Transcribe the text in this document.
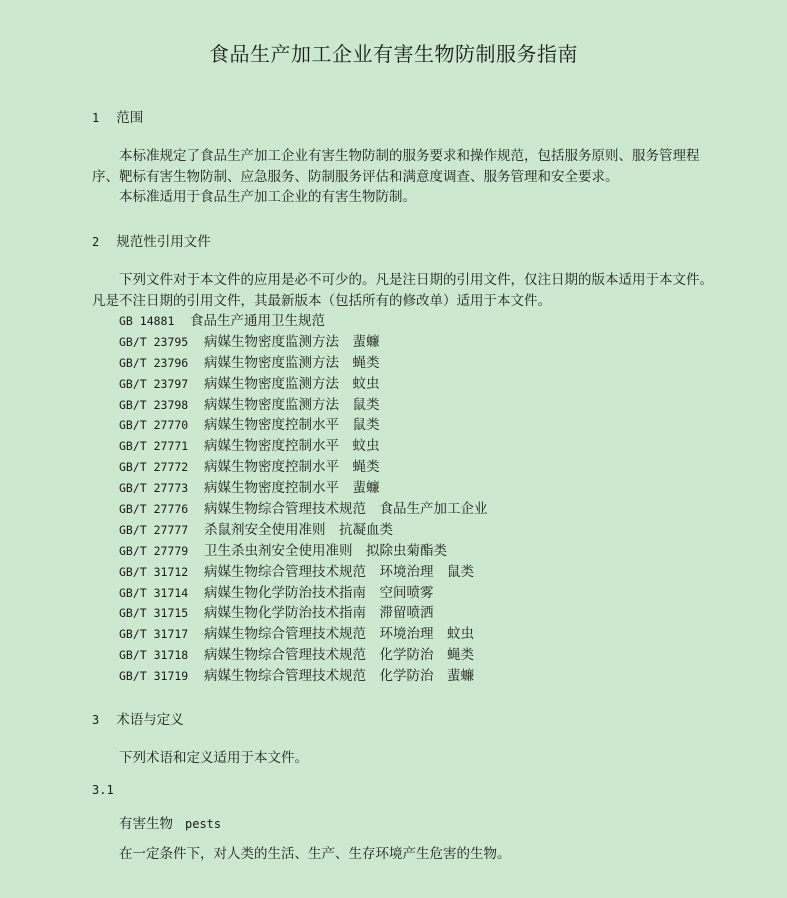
食品生产加工企业有害生物防制服务指南
1 范围

本标准规定了食品生产加工企业有害生物防制的服务要求和操作规范，包括服务原则、服务管理程序、靶标有害生物防制、应急服务、防制服务评估和满意度调查、服务管理和安全要求。

本标准适用于食品生产加工企业的有害生物防制。

2 规范性引用文件

下列文件对于本文件的应用是必不可少的。凡是注日期的引用文件，仅注日期的版本适用于本文件。凡是不注日期的引用文件，其最新版本（包括所有的修改单）适用于本文件。

GB 14881 食品生产通用卫生规范
GB/T 23795 病媒生物密度监测方法　蜚蠊
GB/T 23796 病媒生物密度监测方法　蝇类
GB/T 23797 病媒生物密度监测方法　蚊虫
GB/T 23798 病媒生物密度监测方法　鼠类
GB/T 27770 病媒生物密度控制水平　鼠类
GB/T 27771 病媒生物密度控制水平　蚊虫
GB/T 27772 病媒生物密度控制水平　蝇类
GB/T 27773 病媒生物密度控制水平　蜚蠊
GB/T 27776 病媒生物综合管理技术规范　食品生产加工企业
GB/T 27777 杀鼠剂安全使用准则　抗凝血类
GB/T 27779 卫生杀虫剂安全使用准则　拟除虫菊酯类
GB/T 31712 病媒生物综合管理技术规范　环境治理　鼠类
GB/T 31714 病媒生物化学防治技术指南　空间喷雾
GB/T 31715 病媒生物化学防治技术指南　滞留喷洒
GB/T 31717 病媒生物综合管理技术规范　环境治理　蚊虫
GB/T 31718 病媒生物综合管理技术规范　化学防治　蝇类
GB/T 31719 病媒生物综合管理技术规范　化学防治　蜚蠊
3 术语与定义

下列术语和定义适用于本文件。

3.1
有害生物 pests

在一定条件下，对人类的生活、生产、生存环境产生危害的生物。
